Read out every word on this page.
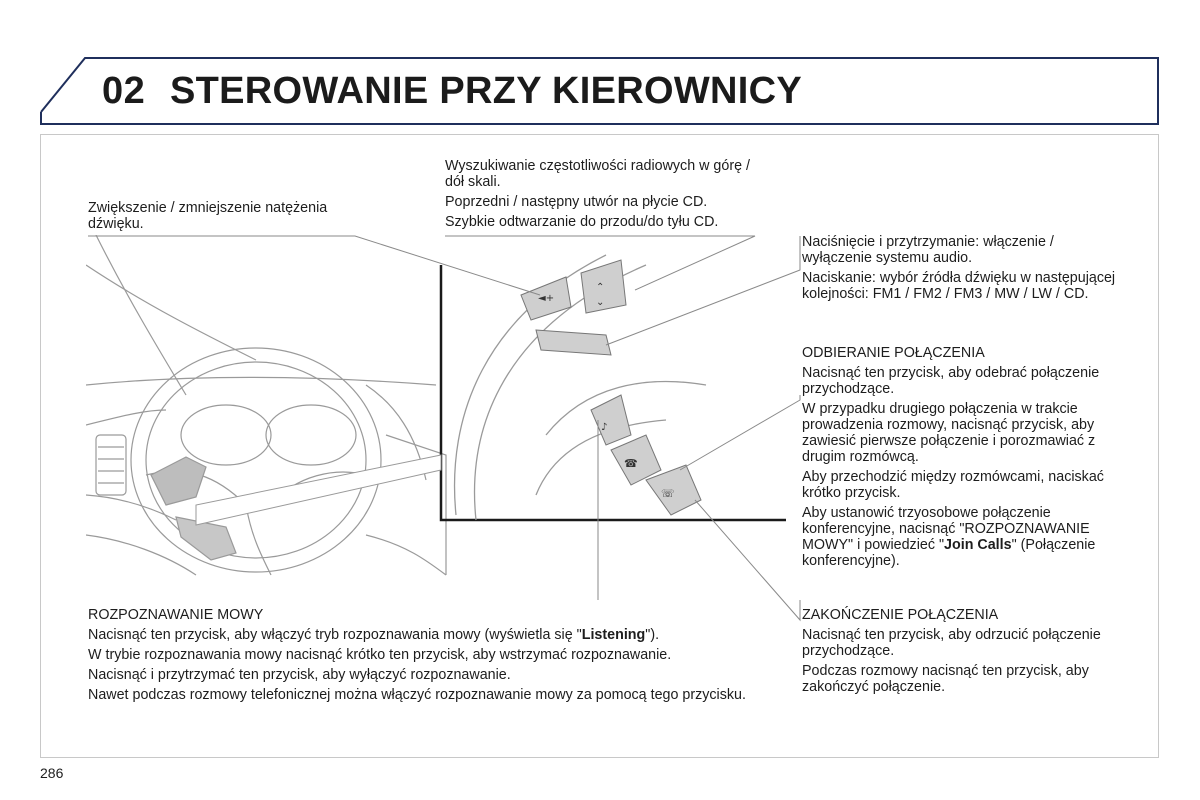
02 STEROWANIE PRZY KIEROWNICY
◄+
⌃
⌄
♪
☎
☏

Zwiększenie / zmniejszenie natężenia dźwięku.

Wyszukiwanie częstotliwości radiowych w górę / dół skali.

Poprzedni / następny utwór na płycie CD.

Szybkie odtwarzanie do przodu/do tyłu CD.

Naciśnięcie i przytrzymanie: włączenie / wyłączenie systemu audio.

Naciskanie: wybór źródła dźwięku w następującej kolejności: FM1 / FM2 / FM3 / MW / LW / CD.

ODBIERANIE POŁĄCZENIA

Nacisnąć ten przycisk, aby odebrać połączenie przychodzące.

W przypadku drugiego połączenia w trakcie prowadzenia rozmowy, nacisnąć przycisk, aby zawiesić pierwsze połączenie i porozmawiać z drugim rozmówcą.

Aby przechodzić między rozmówcami, naciskać krótko przycisk.

Aby ustanowić trzyosobowe połączenie konferencyjne, nacisnąć "ROZPOZNAWANIE MOWY" i powiedzieć "Join Calls" (Połączenie konferencyjne).

ZAKOŃCZENIE POŁĄCZENIA

Nacisnąć ten przycisk, aby odrzucić połączenie przychodzące.

Podczas rozmowy nacisnąć ten przycisk, aby zakończyć połączenie.

ROZPOZNAWANIE MOWY

Nacisnąć ten przycisk, aby włączyć tryb rozpoznawania mowy (wyświetla się "Listening").

W trybie rozpoznawania mowy nacisnąć krótko ten przycisk, aby wstrzymać rozpoznawanie.

Nacisnąć i przytrzymać ten przycisk, aby wyłączyć rozpoznawanie.

Nawet podczas rozmowy telefonicznej można włączyć rozpoznawanie mowy za pomocą tego przycisku.

286
